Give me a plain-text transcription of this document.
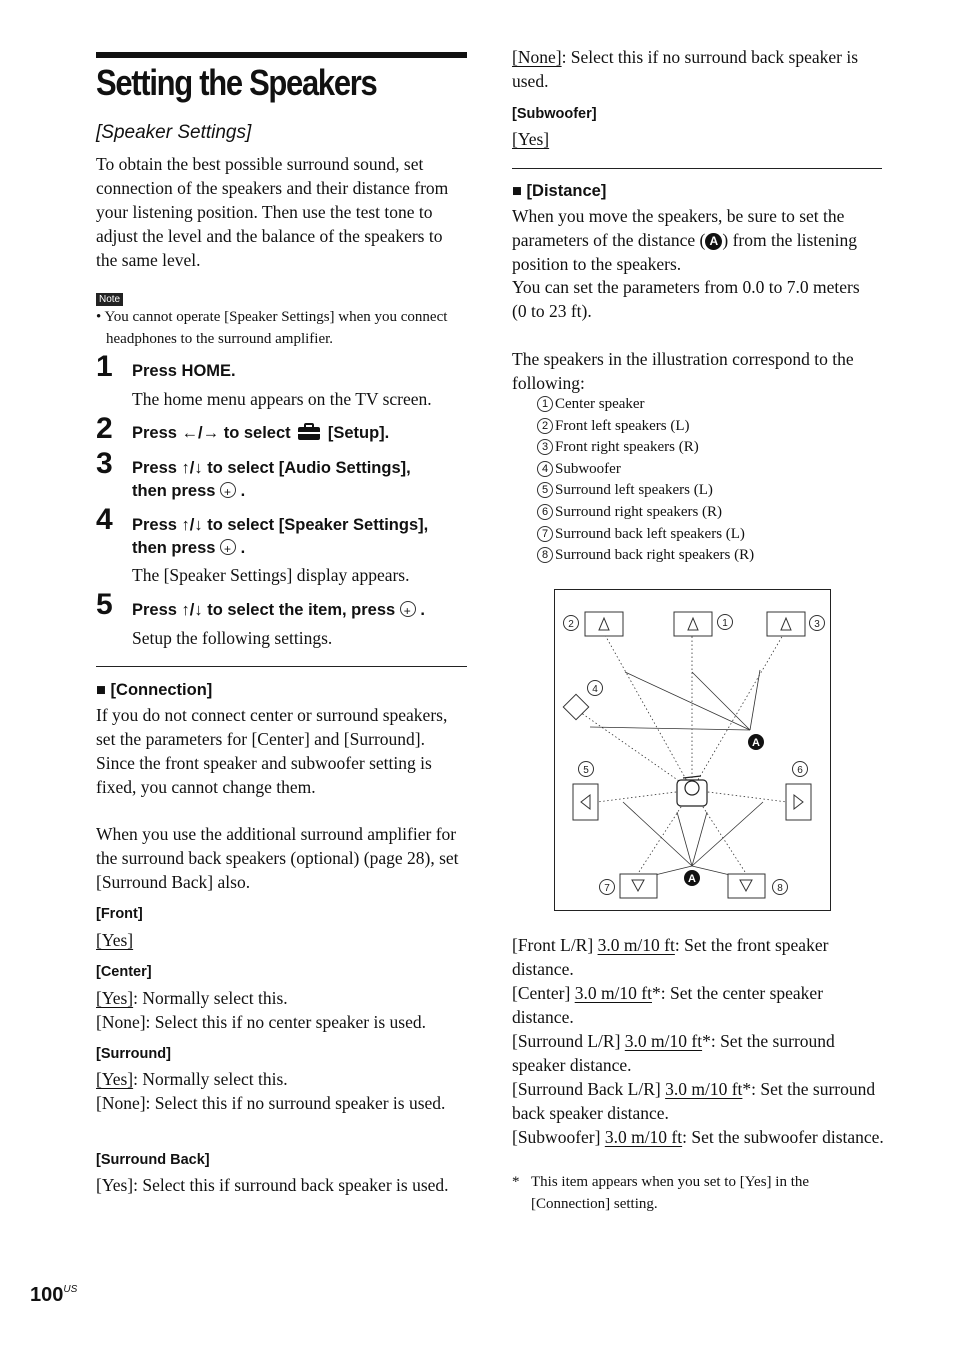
Setting the Speakers
[Speaker Settings]
To obtain the best possible surround sound, set connection of the speakers and their distance from your listening position. Then use the test tone to adjust the level and the balance of the speakers to the same level.
Note
• You cannot operate [Speaker Settings] when you connect headphones to the surround amplifier.
1 Press HOME.
The home menu appears on the TV screen.
2 Press ←/→ to select [Setup].
3 Press ↑/↓ to select [Audio Settings],
then press + .
4 Press ↑/↓ to select [Speaker Settings],
then press + .
The [Speaker Settings] display appears.
5 Press ↑/↓ to select the item, press + .
Setup the following settings.
■ [Connection]
If you do not connect center or surround speakers, set the parameters for [Center] and [Surround]. Since the front speaker and subwoofer setting is fixed, you cannot change them.
When you use the additional surround amplifier for the surround back speakers (optional) (page 28), set [Surround Back] also.
[Front]
[Yes]
[Center]
[Yes]: Normally select this.
[None]: Select this if no center speaker is used.
[Surround]
[Yes]: Normally select this.
[None]: Select this if no surround speaker is used.
[Surround Back]
[Yes]: Select this if surround back speaker is used.
[None]: Select this if no surround back speaker is used.
[Subwoofer]
[Yes]
■ [Distance]
When you move the speakers, be sure to set the parameters of the distance ( A ) from the listening position to the speakers.
You can set the parameters from 0.0 to 7.0 meters (0 to 23 ft).
The speakers in the illustration correspond to the following:
1 Center speaker
2 Front left speakers (L)
3 Front right speakers (R)
4 Subwoofer
5 Surround left speakers (L)
6 Surround right speakers (R)
7 Surround back left speakers (L)
8 Surround back right speakers (R)
A
A
2	1	3
4
5	6
7	8
[Front L/R] 3.0 m/10 ft: Set the front speaker distance.
[Center] 3.0 m/10 ft*: Set the center speaker distance.
[Surround L/R] 3.0 m/10 ft*: Set the surround speaker distance.
[Surround Back L/R] 3.0 m/10 ft*: Set the surround back speaker distance.
[Subwoofer] 3.0 m/10 ft: Set the subwoofer distance.
* This item appears when you set to [Yes] in the [Connection] setting.
$100^{US}$
